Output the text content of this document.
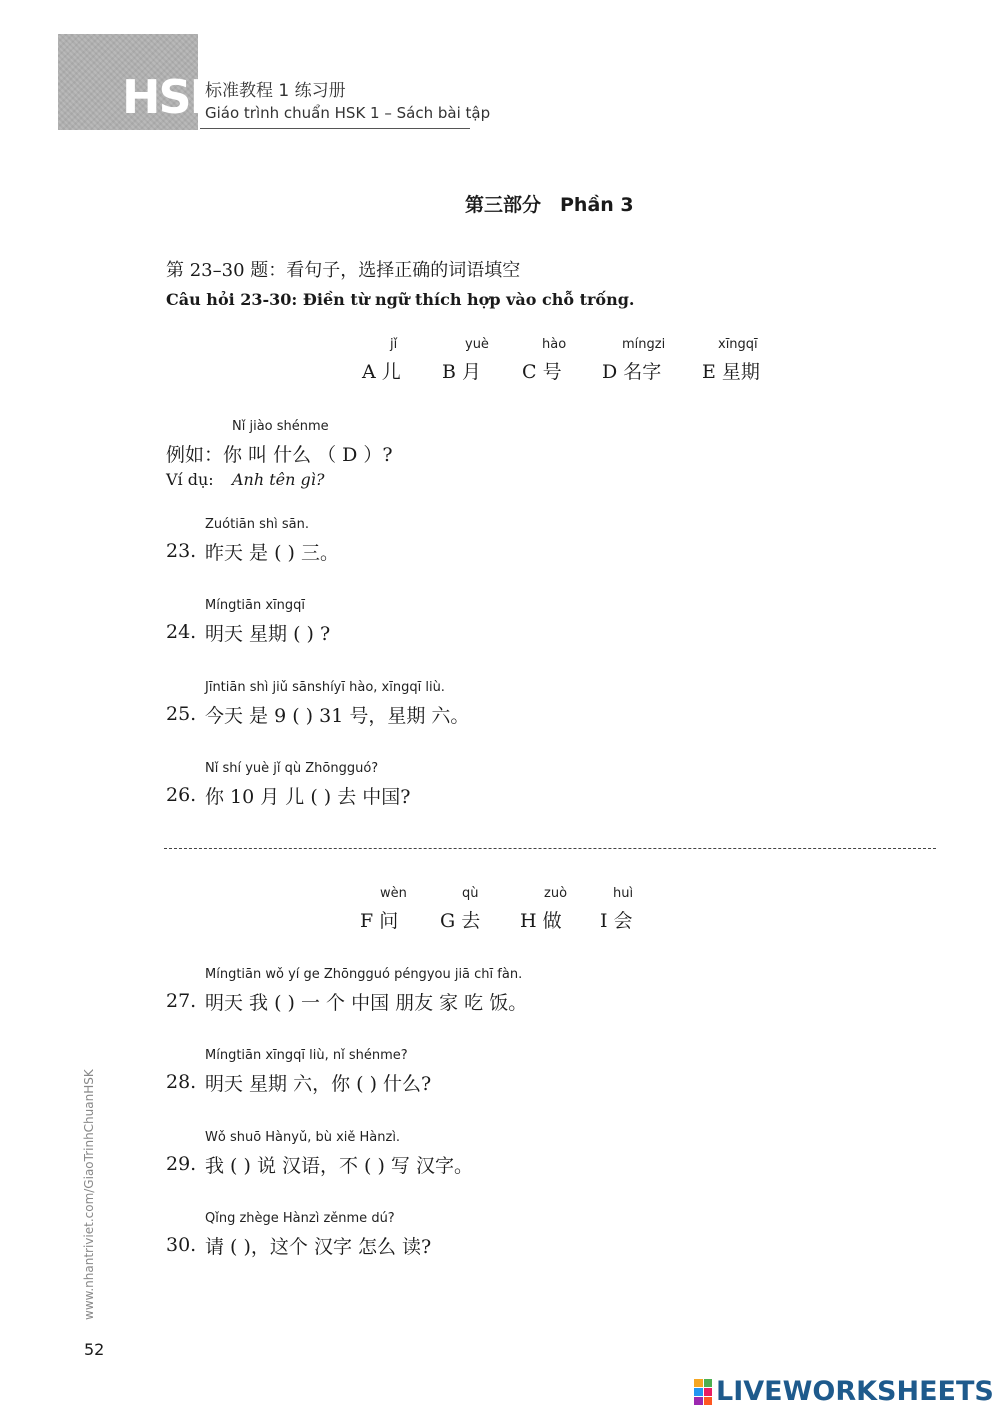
HSK
标准教程 1 练习册
Giáo trình chuẩn HSK 1 – Sách bài tập
第三部分　Phần 3
第 23–30 题：看句子，选择正确的词语填空
Câu hỏi 23-30: Điền từ ngữ thích hợp vào chỗ trống.
jǐ
A 儿
yuè
B 月
hào
C 号
míngzi
D 名字
xīngqī
E 星期
Nǐ jiào shénme
例如：你 叫 什么 （ D ）?
Ví dụ: Anh tên gì?
Zuótiān shì sān.
23. 昨天 是 ( ) 三。
Míngtiān xīngqī
24. 明天 星期 ( ) ?
Jīntiān shì jiǔ sānshíyī hào, xīngqī liù.
25. 今天 是 9 ( ) 31 号，星期 六。
Nǐ shí yuè jǐ qù Zhōngguó?
26. 你 10 月 儿 ( ) 去 中国?
wèn
F 问
qù
G 去
zuò
H 做
huì
I 会
Míngtiān wǒ yí ge Zhōngguó péngyou jiā chī fàn.
27. 明天 我 ( ) 一 个 中国 朋友 家 吃 饭。
Míngtiān xīngqī liù, nǐ shénme?
28. 明天 星期 六，你 ( ) 什么?
Wǒ shuō Hànyǔ, bù xiě Hànzì.
29. 我 ( ) 说 汉语，不 ( ) 写 汉字。
Qǐng zhège Hànzì zěnme dú?
30. 请 ( )，这个 汉字 怎么 读?
www.nhantriviet.com/GiaoTrinhChuanHSK
52
LIVEWORKSHEETS
